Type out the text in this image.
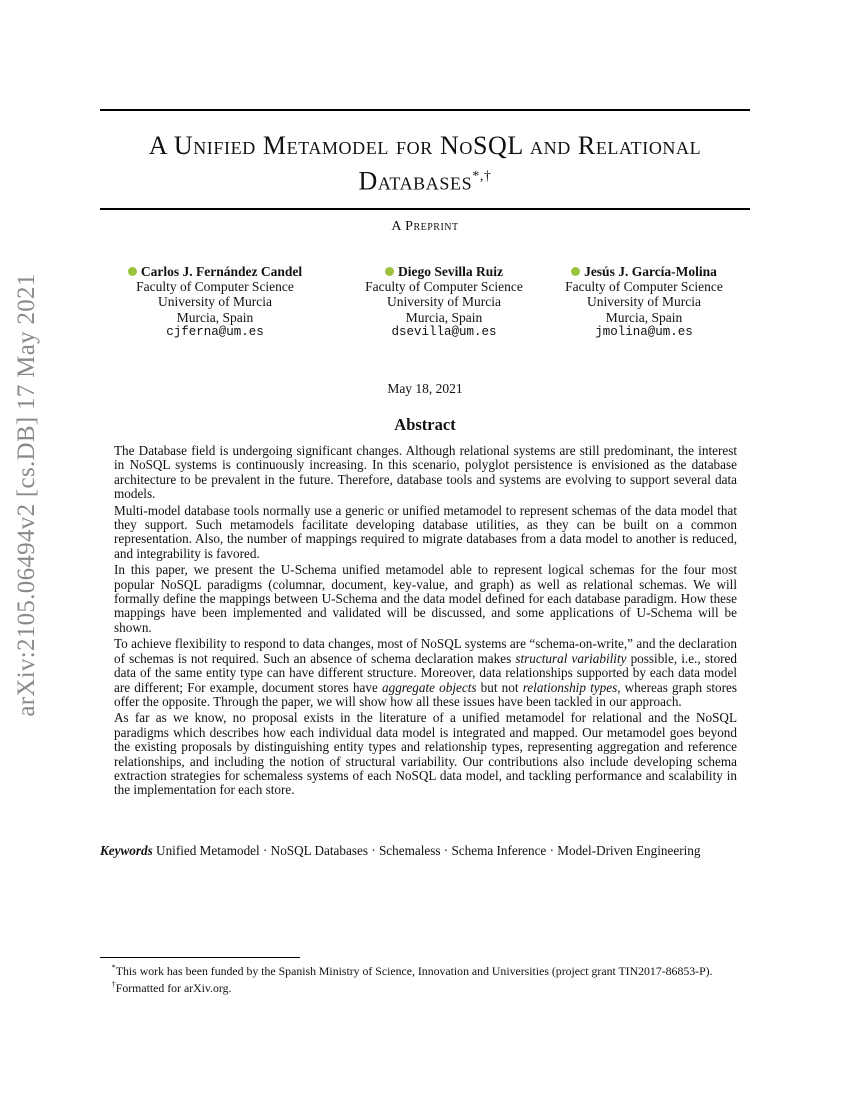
arXiv:2105.06494v2 [cs.DB] 17 May 2021
A Unified Metamodel for NoSQL and Relational
Databases*,†
A Preprint
Carlos J. Fernández Candel
Faculty of Computer Science
University of Murcia
Murcia, Spain
cjferna@um.es
Diego Sevilla Ruiz
Faculty of Computer Science
University of Murcia
Murcia, Spain
dsevilla@um.es
Jesús J. García-Molina
Faculty of Computer Science
University of Murcia
Murcia, Spain
jmolina@um.es
May 18, 2021
Abstract

The Database field is undergoing significant changes. Although relational systems are still predominant, the interest in NoSQL systems is continuously increasing. In this scenario, polyglot persistence is envisioned as the database architecture to be prevalent in the future. Therefore, database tools and systems are evolving to support several data models.

Multi-model database tools normally use a generic or unified metamodel to represent schemas of the data model that they support. Such metamodels facilitate developing database utilities, as they can be built on a common representation. Also, the number of mappings required to migrate databases from a data model to another is reduced, and integrability is favored.

In this paper, we present the U-Schema unified metamodel able to represent logical schemas for the four most popular NoSQL paradigms (columnar, document, key-value, and graph) as well as relational schemas. We will formally define the mappings between U-Schema and the data model defined for each database paradigm. How these mappings have been implemented and validated will be discussed, and some applications of U-Schema will be shown.

To achieve flexibility to respond to data changes, most of NoSQL systems are “schema-on-write,” and the declaration of schemas is not required. Such an absence of schema declaration makes structural variability possible, i.e., stored data of the same entity type can have different structure. Moreover, data relationships supported by each data model are different; For example, document stores have aggregate objects but not relationship types, whereas graph stores offer the opposite. Through the paper, we will show how all these issues have been tackled in our approach.

As far as we know, no proposal exists in the literature of a unified metamodel for relational and the NoSQL paradigms which describes how each individual data model is integrated and mapped. Our metamodel goes beyond the existing proposals by distinguishing entity types and relationship types, representing aggregation and reference relationships, and including the notion of structural variability. Our contributions also include developing schema extraction strategies for schemaless systems of each NoSQL data model, and tackling performance and scalability in the implementation for each store.

Keywords Unified Metamodel · NoSQL Databases · Schemaless · Schema Inference · Model-Driven Engineering

*This work has been funded by the Spanish Ministry of Science, Innovation and Universities (project grant TIN2017-86853-P).

†Formatted for arXiv.org.
